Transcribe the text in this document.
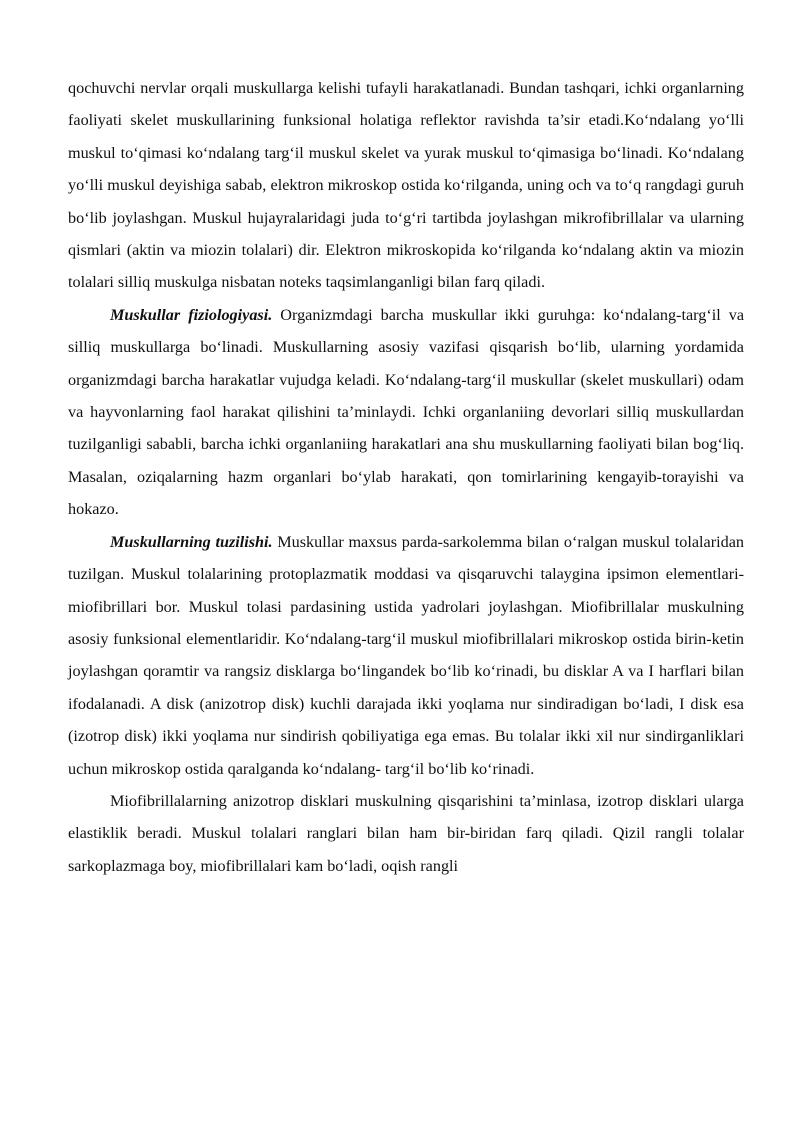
qochuvchi nervlar orqali muskullarga kelishi tufayli harakatlanadi. Bundan tashqari, ichki organlarning faoliyati skelet muskullarining funksional holatiga reflektor ravishda ta’sir etadi.Ko‘ndalang yo‘lli muskul to‘qimasi ko‘ndalang targ‘il muskul skelet va yurak muskul to‘qimasiga bo‘linadi. Ko‘ndalang yo‘lli muskul deyishiga sabab, elektron mikroskop ostida ko‘rilganda, uning och va to‘q rangdagi guruh bo‘lib joylashgan. Muskul hujayralaridagi juda to‘g‘ri tartibda joylashgan mikrofibrillalar va ularning qismlari (aktin va miozin tolalari) dir. Elektron mikroskopida ko‘rilganda ko‘ndalang aktin va miozin tolalari silliq muskulga nisbatan noteks taqsimlanganligi bilan farq qiladi.

Muskullar fiziologiyasi. Organizmdagi barcha muskullar ikki guruhga: ko‘ndalang-targ‘il va silliq muskullarga bo‘linadi. Muskullarning asosiy vazifasi qisqarish bo‘lib, ularning yordamida organizmdagi barcha harakatlar vujudga keladi. Ko‘ndalang-targ‘il muskullar (skelet muskullari) odam va hayvonlarning faol harakat qilishini ta’minlaydi. Ichki organlaniing devorlari silliq muskullardan tuzilganligi sababli, barcha ichki organlaniing harakatlari ana shu muskullarning faoliyati bilan bog‘liq. Masalan, oziqalarning hazm organlari bo‘ylab harakati, qon tomirlarining kengayib-torayishi va hokazo.

Muskullarning tuzilishi. Muskullar maxsus parda-sarkolemma bilan o‘ralgan muskul tolalaridan tuzilgan. Muskul tolalarining protoplazmatik moddasi va qisqaruvchi talaygina ipsimon elementlari-miofibrillari bor. Muskul tolasi pardasining ustida yadrolari joylashgan. Miofibrillalar muskulning asosiy funksional elementlaridir. Ko‘ndalang-targ‘il muskul miofibrillalari mikroskop ostida birin-ketin joylashgan qoramtir va rangsiz disklarga bo‘lingandek bo‘lib ko‘rinadi, bu disklar A va I harflari bilan ifodalanadi. A disk (anizotrop disk) kuchli darajada ikki yoqlama nur sindiradigan bo‘ladi, I disk esa (izotrop disk) ikki yoqlama nur sindirish qobiliyatiga ega emas. Bu tolalar ikki xil nur sindirganliklari uchun mikroskop ostida qaralganda ko‘ndalang- targ‘il bo‘lib ko‘rinadi.

Miofibrillalarning anizotrop disklari muskulning qisqarishini ta’minlasa, izotrop disklari ularga elastiklik beradi. Muskul tolalari ranglari bilan ham bir-biridan farq qiladi. Qizil rangli tolalar sarkoplazmaga boy, miofibrillalari kam bo‘ladi, oqish rangli
